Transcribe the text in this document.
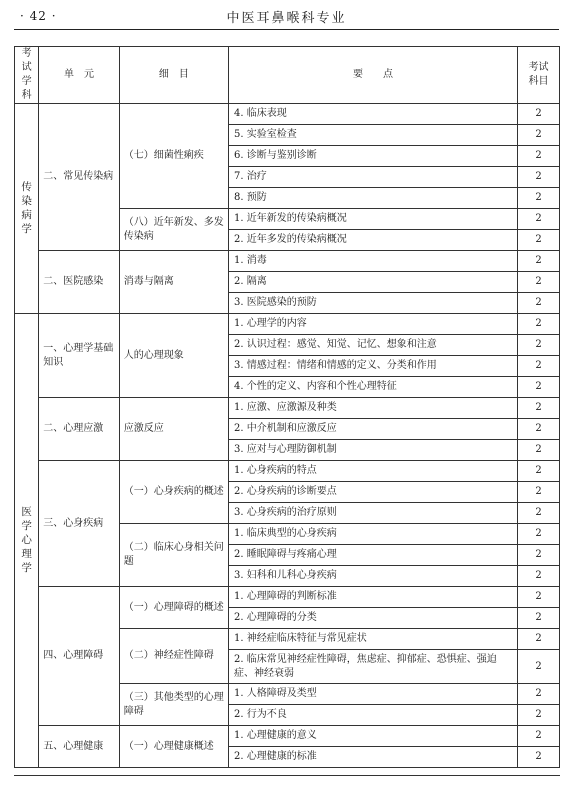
· 42 ·	中医耳鼻喉科专业
考试
学科	单　元	细　目	要　　点	考试
科目
传染病学	二、常见传染病	（七）细菌性痢疾	4. 临床表现	2
			5. 实验室检查	2
			6. 诊断与鉴别诊断	2
			7. 治疗	2
			8. 预防	2
		（八）近年新发、多发传染病	1. 近年新发的传染病概况	2
			2. 近年多发的传染病概况	2
	二、医院感染	消毒与隔离	1. 消毒	2
			2. 隔离	2
			3. 医院感染的预防	2
医学心理学	一、心理学基础知识	人的心理现象	1. 心理学的内容	2
			2. 认识过程：感觉、知觉、记忆、想象和注意	2
			3. 情感过程：情绪和情感的定义、分类和作用	2
			4. 个性的定义、内容和个性心理特征	2
	二、心理应激	应激反应	1. 应激、应激源及种类	2
			2. 中介机制和应激反应	2
			3. 应对与心理防御机制	2
	三、心身疾病	（一）心身疾病的概述	1. 心身疾病的特点	2
			2. 心身疾病的诊断要点	2
			3. 心身疾病的治疗原则	2
		（二）临床心身相关问题	1. 临床典型的心身疾病	2
			2. 睡眠障碍与疼痛心理	2
			3. 妇科和儿科心身疾病	2
	四、心理障碍	（一）心理障碍的概述	1. 心理障碍的判断标准	2
			2. 心理障碍的分类	2
		（二）神经症性障碍	1. 神经症临床特征与常见症状	2
			2. 临床常见神经症性障碍，焦虑症、抑郁症、恐惧症、强迫症、神经衰弱	2
		（三）其他类型的心理障碍	1. 人格障碍及类型	2
			2. 行为不良	2
	五、心理健康	（一）心理健康概述	1. 心理健康的意义	2
			2. 心理健康的标准	2
